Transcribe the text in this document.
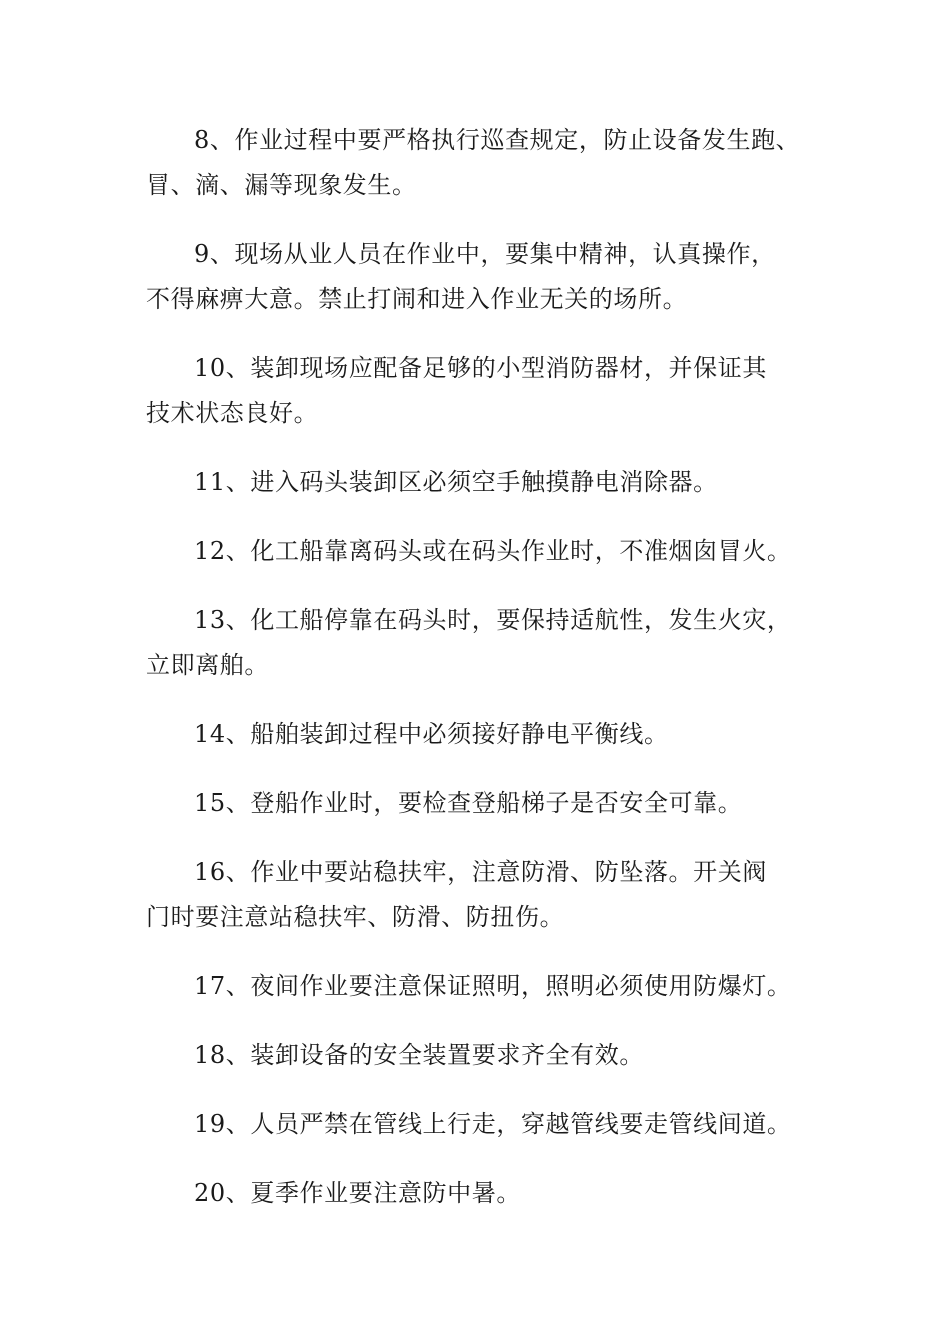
8、作业过程中要严格执行巡查规定，防止设备发生跑、
冒、滴、漏等现象发生。

9、现场从业人员在作业中，要集中精神，认真操作，
不得麻痹大意。禁止打闹和进入作业无关的场所。

10、装卸现场应配备足够的小型消防器材，并保证其
技术状态良好。

11、进入码头装卸区必须空手触摸静电消除器。

12、化工船靠离码头或在码头作业时，不准烟囱冒火。

13、化工船停靠在码头时，要保持适航性，发生火灾，
立即离舶。

14、船舶装卸过程中必须接好静电平衡线。

15、登船作业时，要检查登船梯子是否安全可靠。

16、作业中要站稳扶牢，注意防滑、防坠落。开关阀
门时要注意站稳扶牢、防滑、防扭伤。

17、夜间作业要注意保证照明，照明必须使用防爆灯。

18、装卸设备的安全装置要求齐全有效。

19、人员严禁在管线上行走，穿越管线要走管线间道。

20、夏季作业要注意防中暑。
